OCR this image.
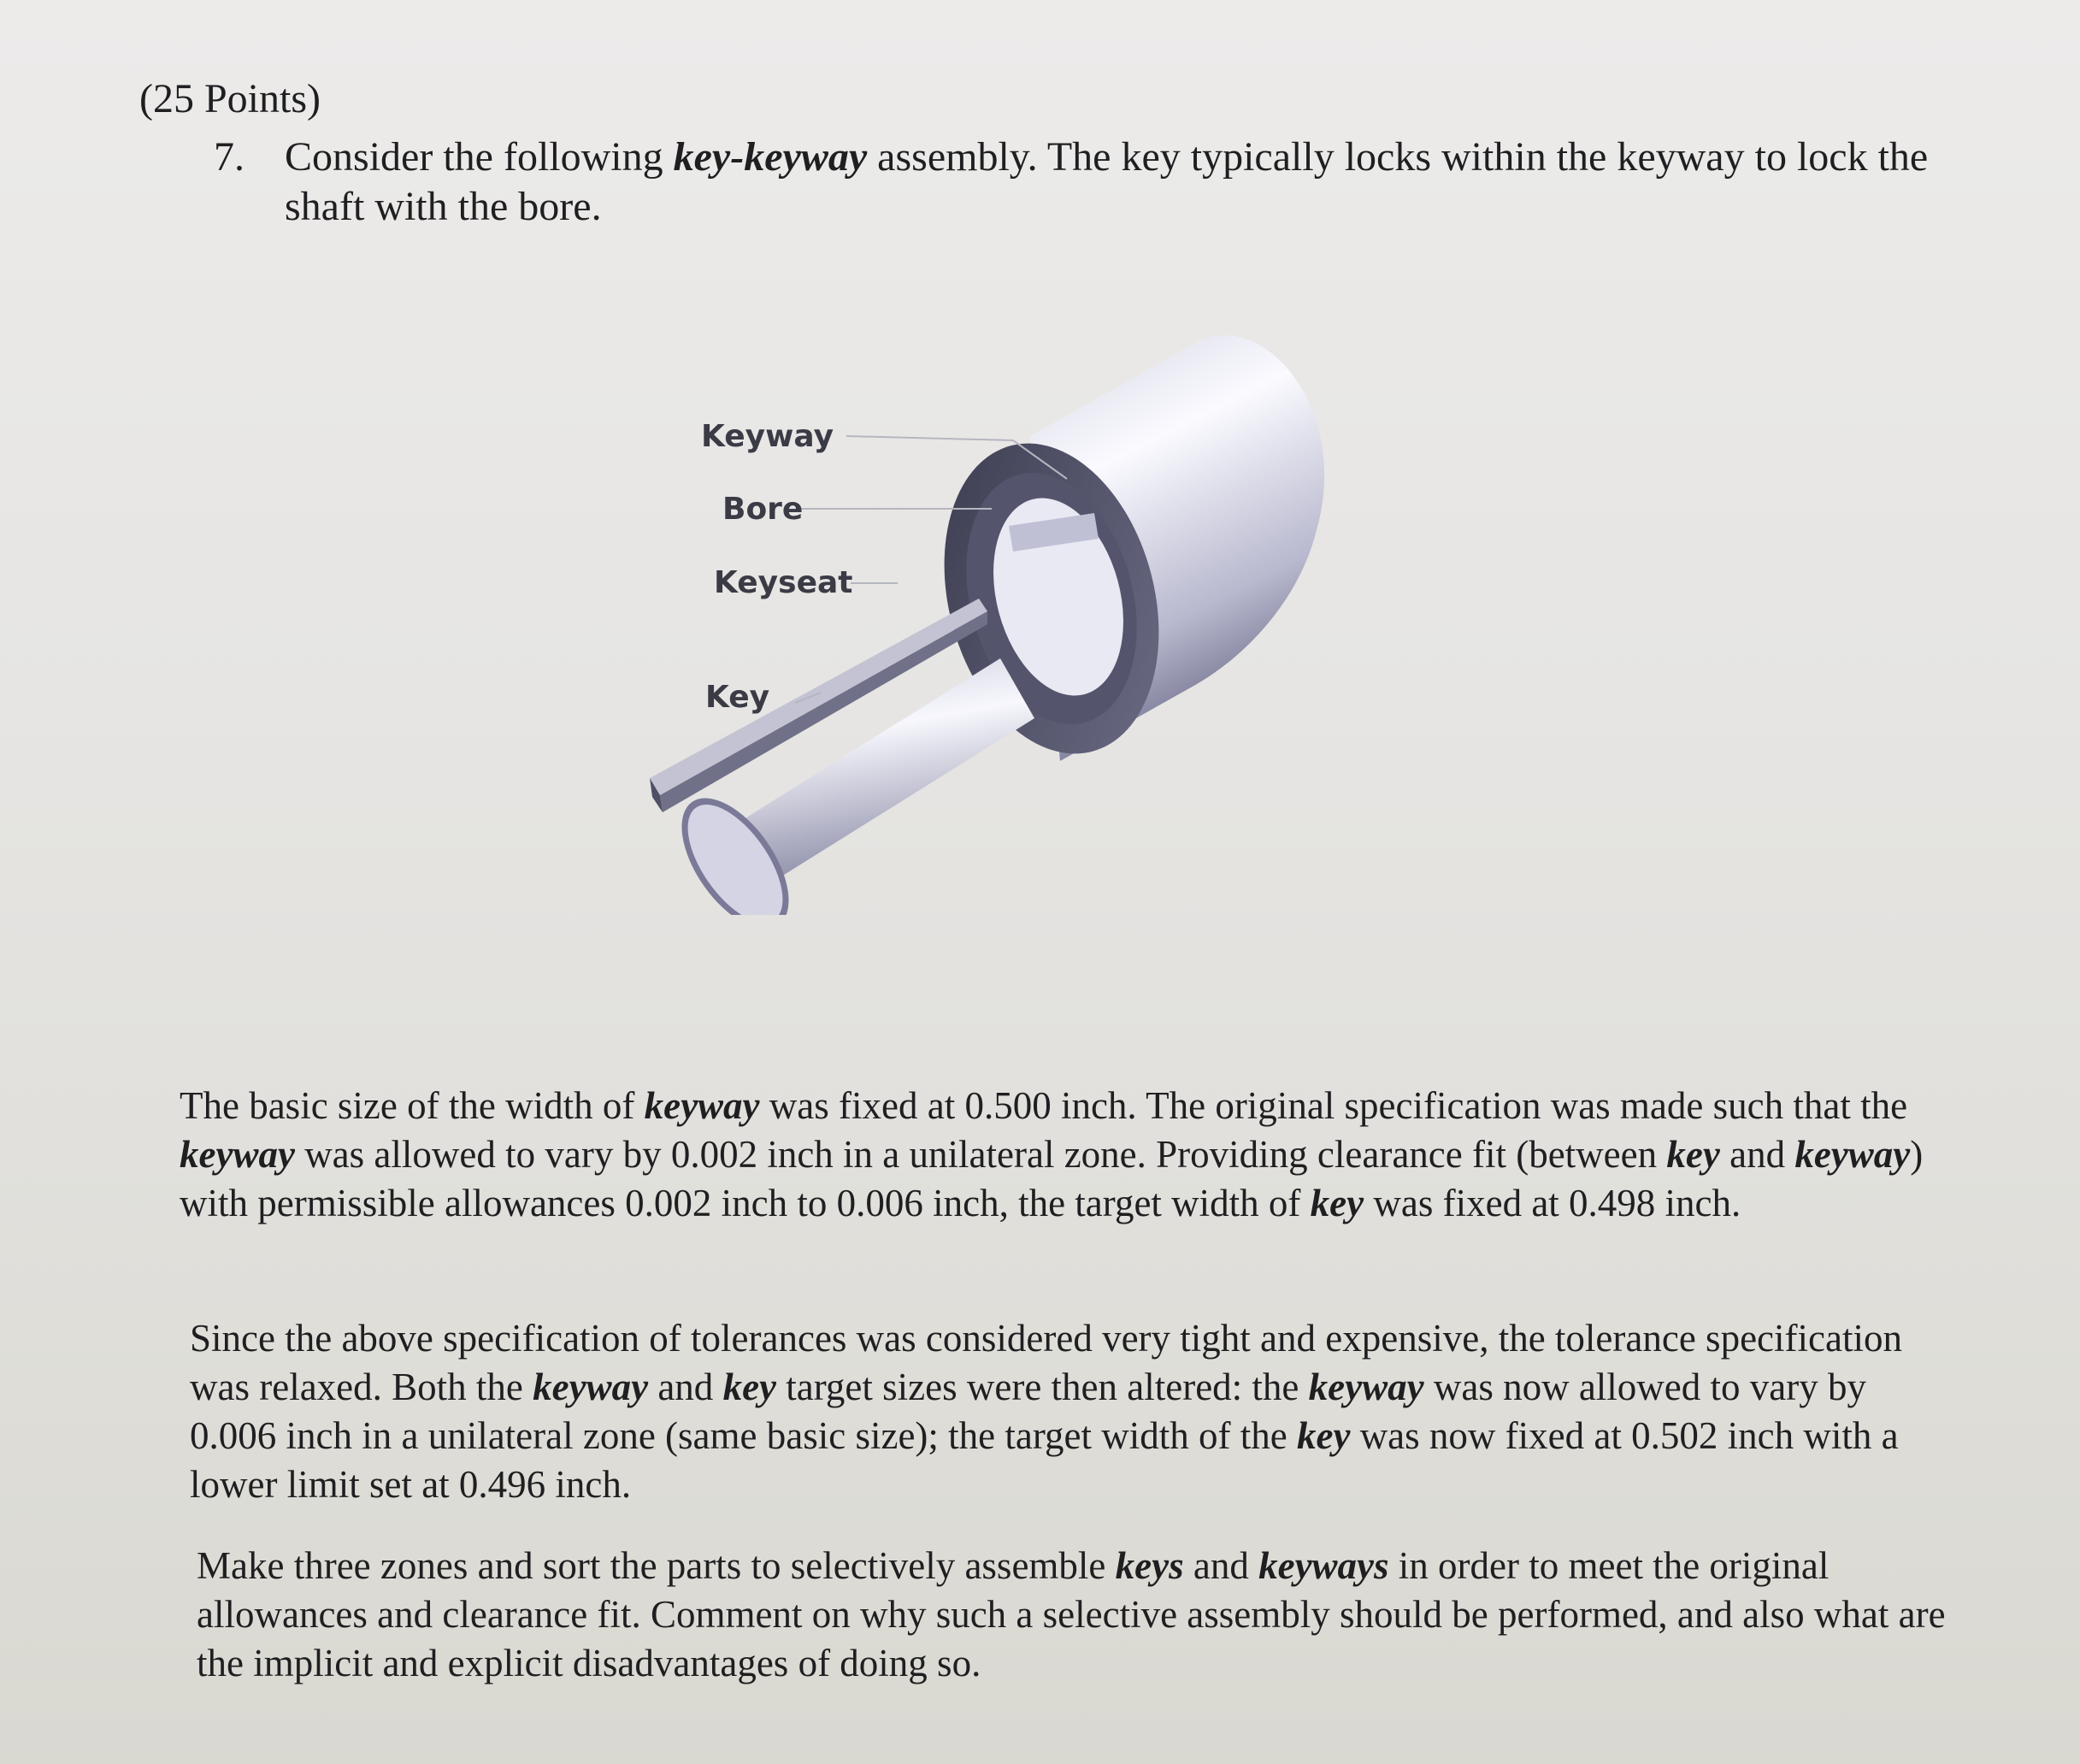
(25 Points)
7. Consider the following key-keyway assembly. The key typically locks within the keyway to lock the shaft with the bore.
Keyway
Bore
Keyseat
Key

The basic size of the width of keyway was fixed at 0.500 inch. The original specification was made such that the keyway was allowed to vary by 0.002 inch in a unilateral zone. Providing clearance fit (between key and keyway) with permissible allowances 0.002 inch to 0.006 inch, the target width of key was fixed at 0.498 inch.

Since the above specification of tolerances was considered very tight and expensive, the tolerance specification was relaxed. Both the keyway and key target sizes were then altered: the keyway was now allowed to vary by 0.006 inch in a unilateral zone (same basic size); the target width of the key was now fixed at 0.502 inch with a lower limit set at 0.496 inch.

Make three zones and sort the parts to selectively assemble keys and keyways in order to meet the original allowances and clearance fit. Comment on why such a selective assembly should be performed, and also what are the implicit and explicit disadvantages of doing so.
